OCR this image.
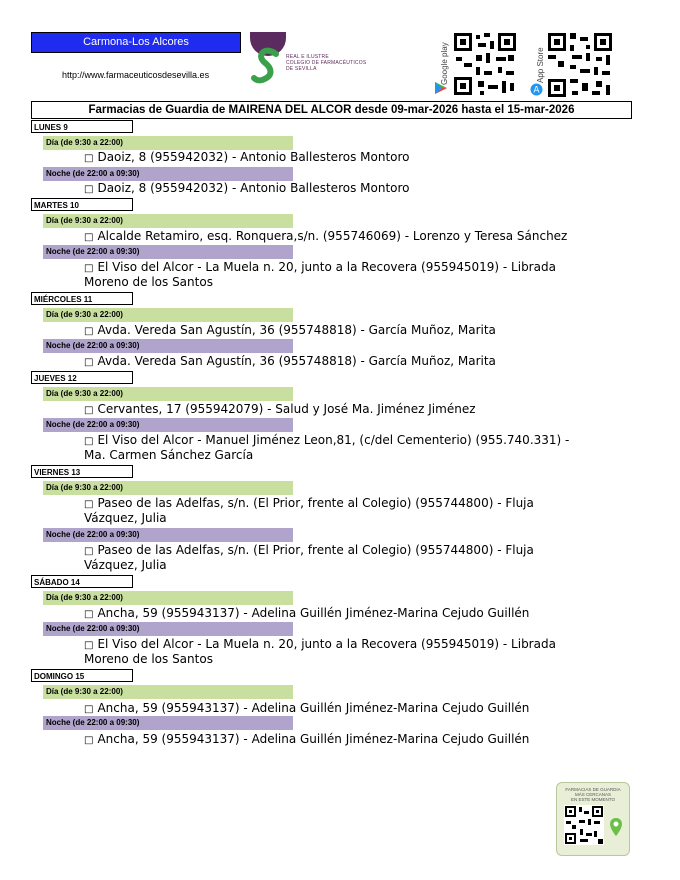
Carmona-Los Alcores
http://www.farmaceuticosdesevilla.es
REAL E ILUSTRE
COLEGIO DE FARMACÉUTICOS
DE SEVILLA	Google play	App Store
A
Farmacias de Guardia de MAIRENA DEL ALCOR desde 09-mar-2026 hasta el 15-mar-2026
LUNES 9
Día (de 9:30 a 22:00)
□ Daoiz, 8 (955942032) - Antonio Ballesteros Montoro
Noche (de 22:00 a 09:30)
□ Daoiz, 8 (955942032) - Antonio Ballesteros Montoro
MARTES 10
Día (de 9:30 a 22:00)
□ Alcalde Retamiro, esq. Ronquera,s/n. (955746069) - Lorenzo y Teresa Sánchez
Noche (de 22:00 a 09:30)
□ El Viso del Alcor - La Muela n. 20, junto a la Recovera (955945019) - Librada
Moreno de los Santos
MIÉRCOLES 11
Día (de 9:30 a 22:00)
□ Avda. Vereda San Agustín, 36 (955748818) - García Muñoz, Marita
Noche (de 22:00 a 09:30)
□ Avda. Vereda San Agustín, 36 (955748818) - García Muñoz, Marita
JUEVES 12
Día (de 9:30 a 22:00)
□ Cervantes, 17 (955942079) - Salud y José Ma. Jiménez Jiménez
Noche (de 22:00 a 09:30)
□ El Viso del Alcor - Manuel Jiménez Leon,81, (c/del Cementerio) (955.740.331) -
Ma. Carmen Sánchez García
VIERNES 13
Día (de 9:30 a 22:00)
□ Paseo de las Adelfas, s/n. (El Prior, frente al Colegio) (955744800) - Fluja
Vázquez, Julia
Noche (de 22:00 a 09:30)
□ Paseo de las Adelfas, s/n. (El Prior, frente al Colegio) (955744800) - Fluja
Vázquez, Julia
SÁBADO 14
Día (de 9:30 a 22:00)
□ Ancha, 59 (955943137) - Adelina Guillén Jiménez-Marina Cejudo Guillén
Noche (de 22:00 a 09:30)
□ El Viso del Alcor - La Muela n. 20, junto a la Recovera (955945019) - Librada
Moreno de los Santos
DOMINGO 15
Día (de 9:30 a 22:00)
□ Ancha, 59 (955943137) - Adelina Guillén Jiménez-Marina Cejudo Guillén
Noche (de 22:00 a 09:30)
□ Ancha, 59 (955943137) - Adelina Guillén Jiménez-Marina Cejudo Guillén
FARMACIAS DE GUARDIA
MÁS CERCANAS
EN ESTE MOMENTO
